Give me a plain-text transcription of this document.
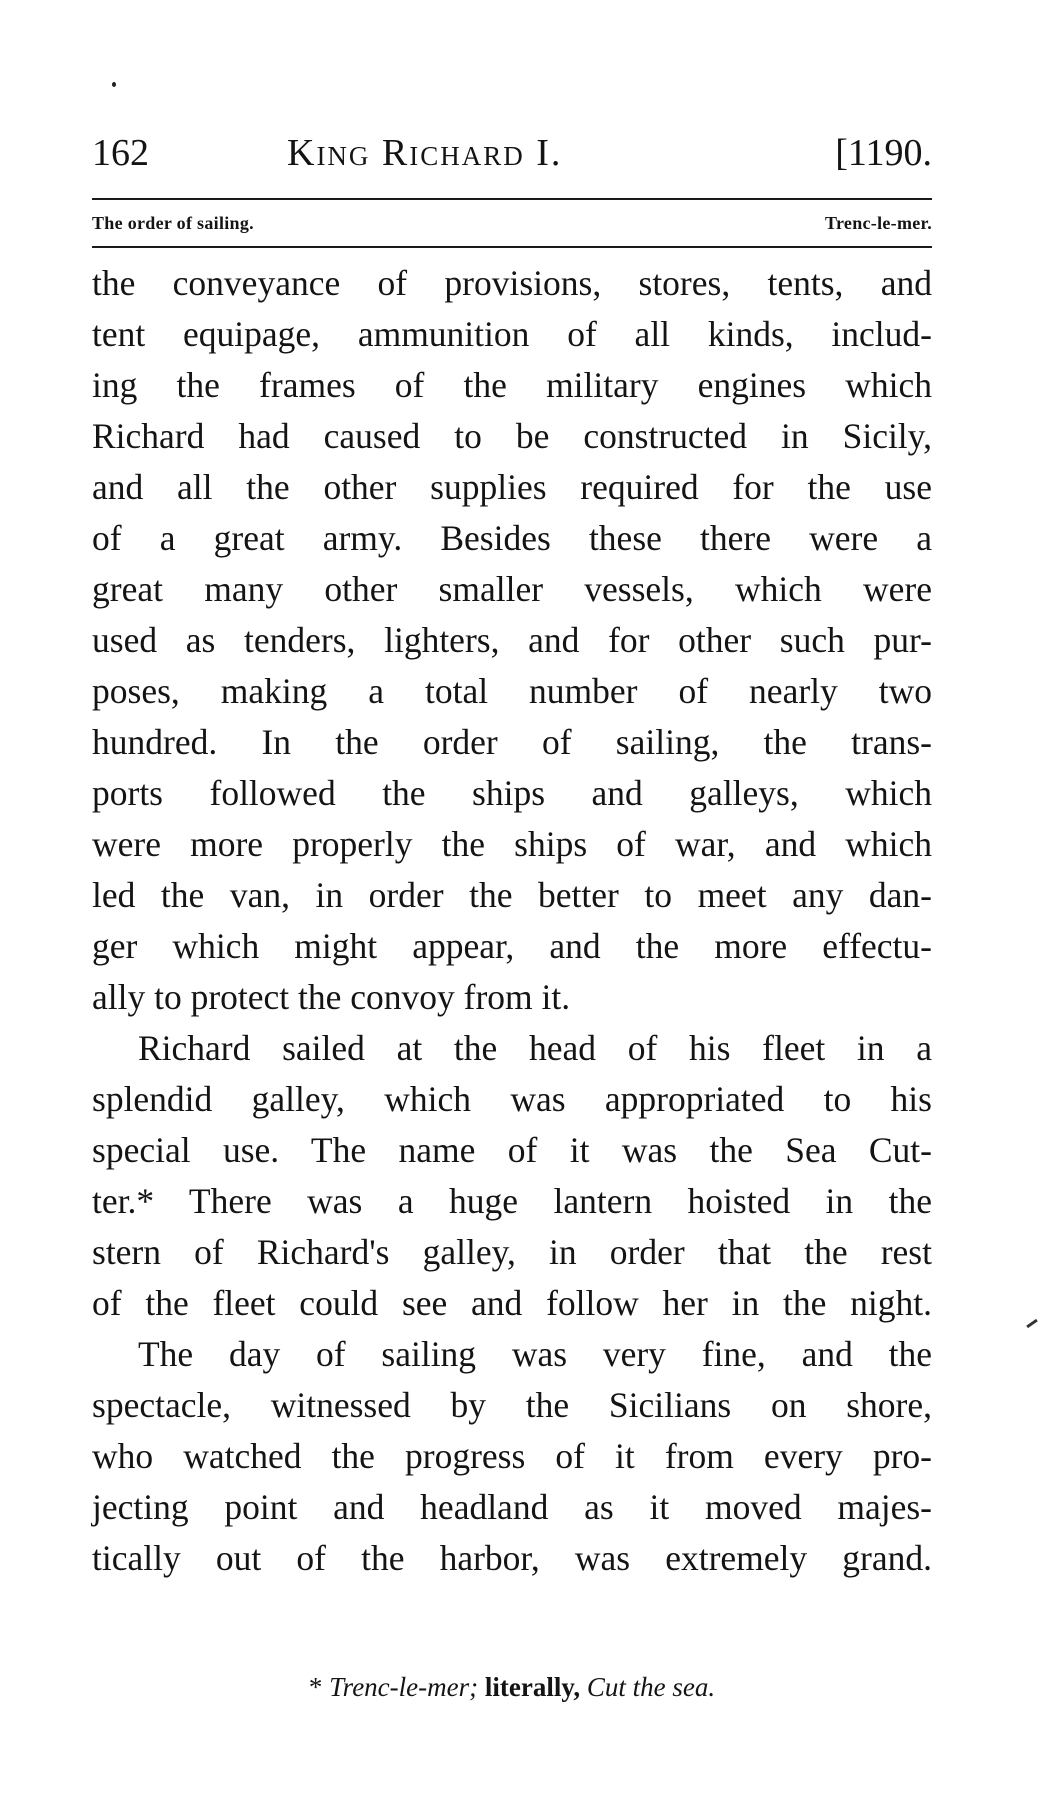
162	King Richard I.	[1190.
The order of sailing.	Trenc-le-mer.
the conveyance of provisions, stores, tents, and
tent equipage, ammunition of all kinds, includ-
ing the frames of the military engines which
Richard had caused to be constructed in Sicily,
and all the other supplies required for the use
of a great army. Besides these there were a
great many other smaller vessels, which were
used as tenders, lighters, and for other such pur-
poses, making a total number of nearly two
hundred. In the order of sailing, the trans-
ports followed the ships and galleys, which
were more properly the ships of war, and which
led the van, in order the better to meet any dan-
ger which might appear, and the more effectu-
ally to protect the convoy from it.
Richard sailed at the head of his fleet in a
splendid galley, which was appropriated to his
special use. The name of it was the Sea Cut-
ter.* There was a huge lantern hoisted in the
stern of Richard's galley, in order that the rest
of the fleet could see and follow her in the night.
The day of sailing was very fine, and the
spectacle, witnessed by the Sicilians on shore,
who watched the progress of it from every pro-
jecting point and headland as it moved majes-
tically out of the harbor, was extremely grand.
* Trenc-le-mer; literally, Cut the sea.
